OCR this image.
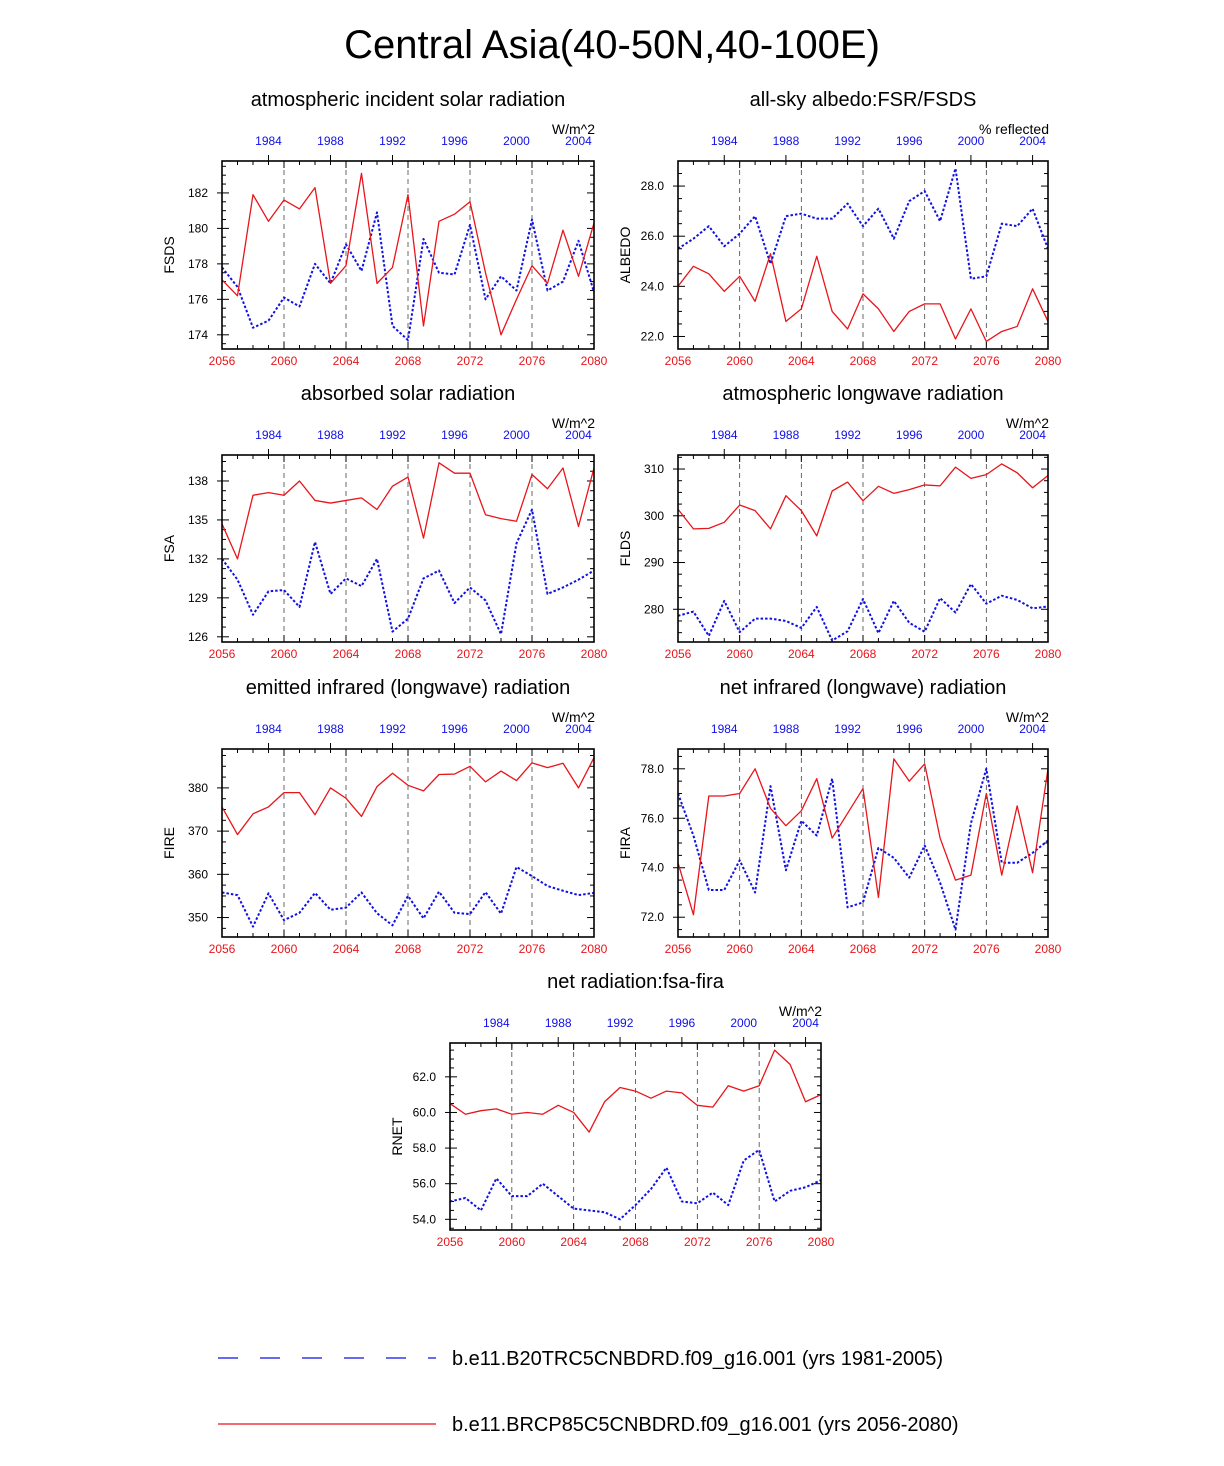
Central Asia(40-50N,40-100E)
atmospheric incident solar radiation
W/m^2
FSDS
2056	2060	2064	2068	2072	2076	2080
1984	1988	1992	1996	2000	2004
174
176
178
180
182
all-sky albedo:FSR/FSDS
% reflected
ALBEDO
2056	2060	2064	2068	2072	2076	2080
1984	1988	1992	1996	2000	2004
22.0
24.0
26.0
28.0
absorbed solar radiation
W/m^2
FSA
2056	2060	2064	2068	2072	2076	2080
1984	1988	1992	1996	2000	2004
126
129
132
135
138
atmospheric longwave radiation
W/m^2
FLDS
2056	2060	2064	2068	2072	2076	2080
1984	1988	1992	1996	2000	2004
280
290
300
310
emitted infrared (longwave) radiation
W/m^2
FIRE
2056	2060	2064	2068	2072	2076	2080
1984	1988	1992	1996	2000	2004
350
360
370
380
net infrared (longwave) radiation
W/m^2
FIRA
2056	2060	2064	2068	2072	2076	2080
1984	1988	1992	1996	2000	2004
72.0
74.0
76.0
78.0
net radiation:fsa-fira
W/m^2
RNET
2056	2060	2064	2068	2072	2076	2080
1984	1988	1992	1996	2000	2004
54.0
56.0
58.0
60.0
62.0
b.e11.B20TRC5CNBDRD.f09_g16.001 (yrs 1981-2005)
b.e11.BRCP85C5CNBDRD.f09_g16.001 (yrs 2056-2080)
